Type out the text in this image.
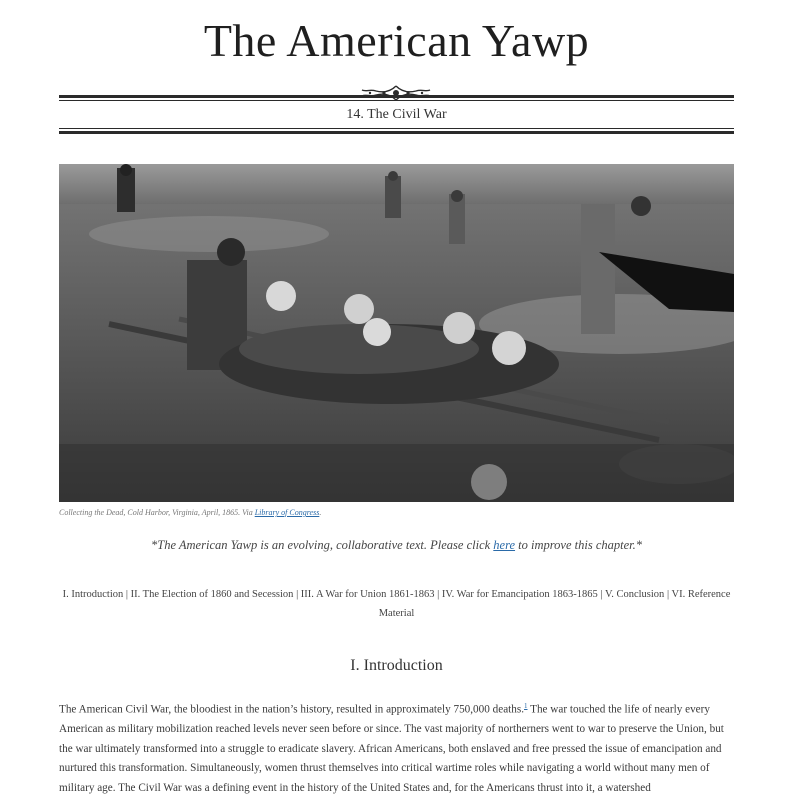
The American Yawp
14. The Civil War
Collecting the Dead, Cold Harbor, Virginia, April, 1865. Via Library of Congress.
*The American Yawp is an evolving, collaborative text. Please click here to improve this chapter.*
I. Introduction | II. The Election of 1860 and Secession | III. A War for Union 1861-1863 | IV. War for Emancipation 1863-1865 | V. Conclusion | VI. Reference Material
I. Introduction
The American Civil War, the bloodiest in the nation’s history, resulted in approximately 750,000 deaths.$^1$ The war touched the life of nearly every American as military mobilization reached levels never seen before or since. The vast majority of northerners went to war to preserve the Union, but the war ultimately transformed into a struggle to eradicate slavery. African Americans, both enslaved and free pressed the issue of emancipation and nurtured this transformation. Simultaneously, women thrust themselves into critical wartime roles while navigating a world without many men of military age. The Civil War was a defining event in the history of the United States and, for the Americans thrust into it, a watershed
